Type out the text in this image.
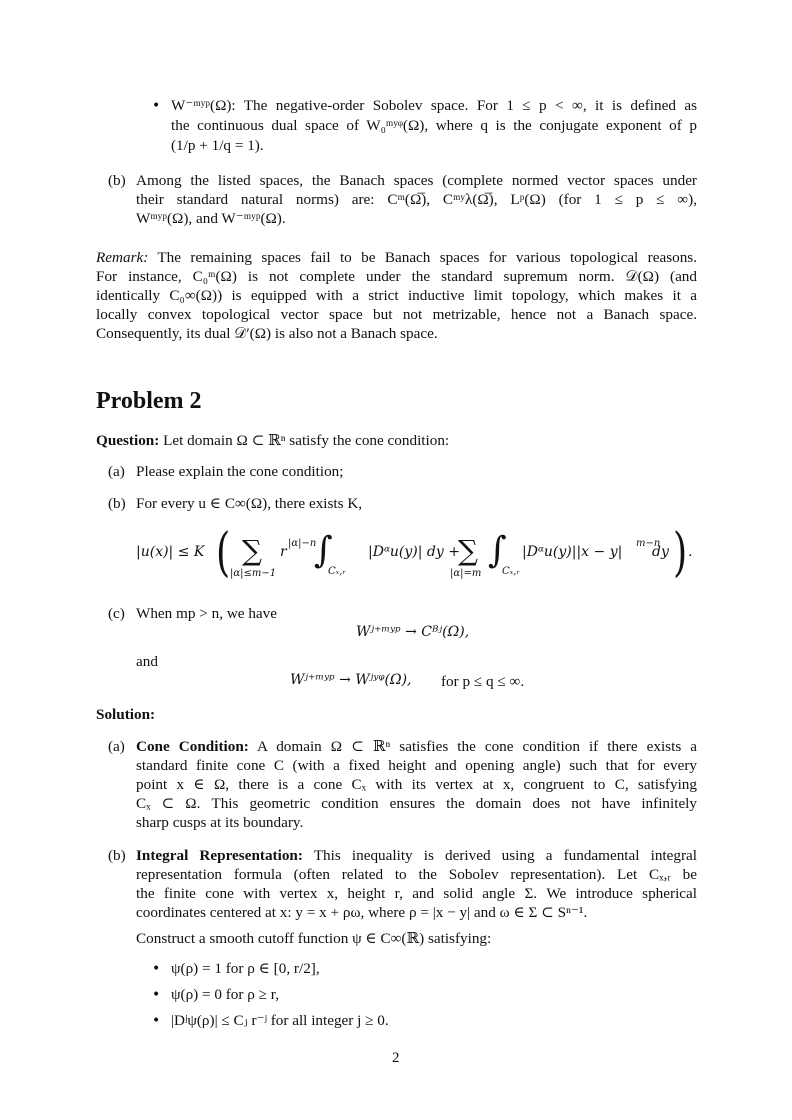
• W⁻ᵐʸᵖ(Ω): The negative-order Sobolev space. For 1 ≤ p < ∞, it is defined as
the continuous dual space of W₀ᵐʸᵠ(Ω), where q is the conjugate exponent of p
(1/p + 1/q = 1).
(b) Among the listed spaces, the Banach spaces (complete normed vector spaces under
their standard natural norms) are: Cᵐ(Ω̅), Cᵐʸλ(Ω̅), Lᵖ(Ω) (for 1 ≤ p ≤ ∞),
Wᵐʸᵖ(Ω), and W⁻ᵐʸᵖ(Ω).
Remark: The remaining spaces fail to be Banach spaces for various topological reasons.
For instance, C₀ᵐ(Ω) is not complete under the standard supremum norm. 𝒟(Ω) (and
identically C₀∞(Ω)) is equipped with a strict inductive limit topology, which makes it a
locally convex topological vector space but not metrizable, hence not a Banach space.
Consequently, its dual 𝒟′(Ω) is also not a Banach space.
Problem 2
Question: Let domain Ω ⊂ ℝⁿ satisfy the cone condition:
(a) Please explain the cone condition;
(b) For every u ∈ C∞(Ω), there exists K,
|u(x)| ≤ K ( ∑
|α|≤m−1
r
|α|−n
∫
Cₓ,ᵣ
|Dᵅu(y)| dy +
∑
|α|=m
∫
Cₓ,ᵣ
|Dᵅu(y)||x − y|
m−n
dy ) .
(c) When mp > n, we have
Wʲ⁺ᵐʸᵖ → Cᴮʲ(Ω),
and
Wʲ⁺ᵐʸᵖ → Wʲʸᵠ(Ω), for p ≤ q ≤ ∞.
Solution:
(a) Cone Condition: A domain Ω ⊂ ℝⁿ satisfies the cone condition if there exists a
standard finite cone C (with a fixed height and opening angle) such that for every
point x ∈ Ω, there is a cone Cₓ with its vertex at x, congruent to C, satisfying
Cₓ ⊂ Ω. This geometric condition ensures the domain does not have infinitely
sharp cusps at its boundary.
(b) Integral Representation: This inequality is derived using a fundamental integral
representation formula (often related to the Sobolev representation). Let Cₓ,ᵣ be
the finite cone with vertex x, height r, and solid angle Σ. We introduce spherical
coordinates centered at x: y = x + ρω, where ρ = |x − y| and ω ∈ Σ ⊂ Sⁿ⁻¹.
Construct a smooth cutoff function ψ ∈ C∞(ℝ) satisfying:
• ψ(ρ) = 1 for ρ ∈ [0, r/2],
• ψ(ρ) = 0 for ρ ≥ r,
• |Dʲψ(ρ)| ≤ Cⱼ r⁻ʲ for all integer j ≥ 0.
2
